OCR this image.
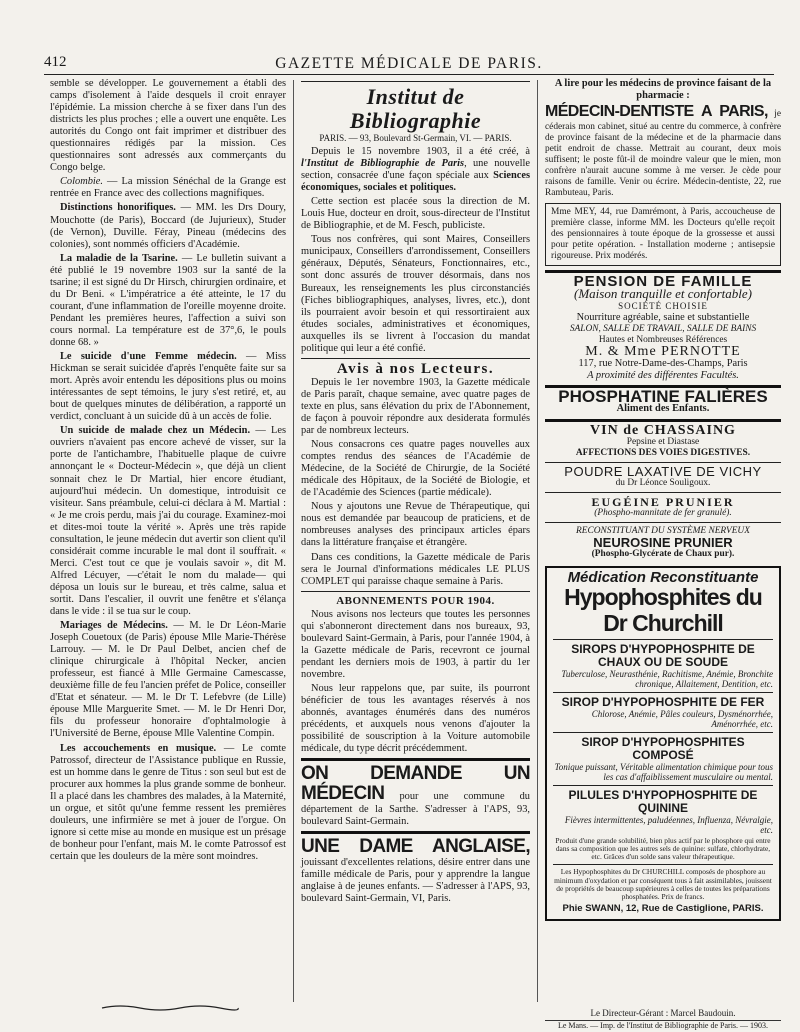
412	GAZETTE MÉDICALE DE PARIS.

semble se développer. Le gouvernement a établi des camps d'isolement à l'aide desquels il croit enrayer l'épidémie. La mission cherche à se fixer dans l'un des districts les plus proches ; elle a ouvert une enquête. Les autorités du Congo ont fait imprimer et distribuer des questionnaires rédigés par la mission. Ces questionnaires sont adressés aux commerçants du Congo belge.

Colombie. — La mission Sénéchal de la Grange est rentrée en France avec des collections magnifiques.

Distinctions honorifiques. — MM. les Drs Doury, Mouchotte (de Paris), Boccard (de Jujurieux), Studer (de Vernon), Duville. Féray, Pineau (médecins des colonies), sont nommés officiers d'Académie.

La maladie de la Tsarine. — Le bulletin suivant a été publié le 19 novembre 1903 sur la santé de la tsarine; il est signé du Dr Hirsch, chirurgien ordinaire, et du Dr Beni. « L'impératrice a été atteinte, le 17 du courant, d'une inflammation de l'oreille moyenne droite. Pendant les premières heures, l'affection a suivi son cours normal. La température est de 37°,6, le pouls donne 68. »

Le suicide d'une Femme médecin. — Miss Hickman se serait suicidée d'après l'enquête faite sur sa mort. Après avoir entendu les dépositions plus ou moins intéressantes de sept témoins, le jury s'est retiré, et, au bout de quelques minutes de délibération, a rapporté un verdict, concluant à un suicide dû à un accès de folie.

Un suicide de malade chez un Médecin. — Les ouvriers n'avaient pas encore achevé de visser, sur la porte de l'antichambre, l'habituelle plaque de cuivre annonçant le « Docteur-Médecin », que déjà un client sonnait chez le Dr Martial, hier encore étudiant, aujourd'hui médecin. Un domestique, introduisit ce visiteur. Sans préambule, celui-ci déclara à M. Martial : « Je me crois perdu, mais j'ai du courage. Examinez-moi et dites-moi toute la vérité ». Après une très rapide consultation, le jeune médecin dut avertir son client qu'il considérait comme incurable le mal dont il souffrait. « Merci. C'est tout ce que je voulais savoir », dit M. Alfred Lécuyer, —c'était le nom du malade— qui déposa un louis sur le bureau, et très calme, salua et sortit. Dans l'escalier, il ouvrit une fenêtre et s'élança dans le vide : il se tua sur le coup.

Mariages de Médecins. — M. le Dr Léon-Marie Joseph Couetoux (de Paris) épouse Mlle Marie-Thérèse Larrouy. — M. le Dr Paul Delbet, ancien chef de clinique chirurgicale à l'hôpital Necker, ancien professeur, est fiancé à Mlle Germaine Camescasse, deuxième fille de feu l'ancien préfet de Police, conseiller d'Etat et sénateur. — M. le Dr T. Lefebvre (de Lille) épouse Mlle Marguerite Smet. — M. le Dr Henri Dor, fils du professeur honoraire d'ophtalmologie à l'Université de Berne, épouse Mlle Valentine Compin.

Les accouchements en musique. — Le comte Patrossof, directeur de l'Assistance publique en Russie, est un homme dans le genre de Titus : son seul but est de procurer aux hommes la plus grande somme de bonheur. Il a placé dans les chambres des malades, à la Maternité, un orgue, et sitôt qu'une femme ressent les premières douleurs, une infirmière se met à jouer de l'orgue. On ignore si cette mise au monde en musique est un présage de bonheur pour l'enfant, mais M. le comte Patrossof est certain que les douleurs de la mère sont moindres.

Institut de Bibliographie
PARIS. — 93, Boulevard St-Germain, VI. — PARIS.

Depuis le 15 novembre 1903, il a été créé, à l'Institut de Bibliographie de Paris, une nouvelle section, consacrée d'une façon spéciale aux Sciences économiques, sociales et politiques.

Cette section est placée sous la direction de M. Louis Hue, docteur en droit, sous-directeur de l'Institut de Bibliographie, et de M. Fesch, publiciste.

Tous nos confrères, qui sont Maires, Conseillers municipaux, Conseillers d'arrondissement, Conseillers généraux, Députés, Sénateurs, Fonctionnaires, etc., sont donc assurés de trouver désormais, dans nos Bureaux, les renseignements les plus circonstanciés (Fiches bibliographiques, analyses, livres, etc.), dont ils pourraient avoir besoin et qui ressortiraient aux études sociales, administratives et économiques, auxquelles ils se livrent à l'occasion du mandat politique qui leur a été confié.

Avis à nos Lecteurs.

Depuis le 1er novembre 1903, la Gazette médicale de Paris paraît, chaque semaine, avec quatre pages de texte en plus, sans élévation du prix de l'Abonnement, de façon à pouvoir répondre aux desiderata formulés par de nombreux lecteurs.

Nous consacrons ces quatre pages nouvelles aux comptes rendus des séances de l'Académie de Médecine, de la Société de Chirurgie, de la Société médicale des Hôpitaux, de la Société de Biologie, et de l'Académie des Sciences (partie médicale).

Nous y ajoutons une Revue de Thérapeutique, qui nous est demandée par beaucoup de praticiens, et de nombreuses analyses des principaux articles épars dans la littérature française et étrangère.

Dans ces conditions, la Gazette médicale de Paris sera le Journal d'informations médicales LE PLUS COMPLET qui paraisse chaque semaine à Paris.

ABONNEMENTS POUR 1904.

Nous avisons nos lecteurs que toutes les personnes qui s'abonneront directement dans nos bureaux, 93, boulevard Saint-Germain, à Paris, pour l'année 1904, à la Gazette médicale de Paris, recevront ce journal pendant les derniers mois de 1903, à partir du 1er novembre.

Nous leur rappelons que, par suite, ils pourront bénéficier de tous les avantages réservés à nos abonnés, avantages énumérés dans des numéros précédents, et auxquels nous venons d'ajouter la possibilité de souscription à la Voiture automobile médicale, du type décrit précédemment.

ON DEMANDE UN MÉDECIN pour une commune du département de la Sarthe. S'adresser à l'APS, 93, boulevard Saint-Germain.

UNE DAME ANGLAISE, jouissant d'excellentes relations, désire entrer dans une famille médicale de Paris, pour y apprendre la langue anglaise à de jeunes enfants. — S'adresser à l'APS, 93, boulevard Saint-Germain, VI, Paris.

A lire pour les médecins de province faisant de la pharmacie :

MÉDECIN-DENTISTE A PARIS, je céderais mon cabinet, situé au centre du commerce, à confrère de province faisant de la médecine et de la pharmacie dans petit endroit de chasse. Mettrait au courant, deux mois suffisent; le poste fût-il de moindre valeur que le mien, mon confrère n'aurait aucune somme à me verser. Je cède pour raisons de famille. Venir ou écrire. Médecin-dentiste, 22, rue Rambuteau, Paris.

Mme MEY, 44, rue Damrémont, à Paris, accoucheuse de première classe, informe MM. les Docteurs qu'elle reçoit des pensionnaires à toute époque de la grossesse et aussi pour petite opération. - Installation moderne ; antisepsie rigoureuse. Prix modérés.
PENSION DE FAMILLE
(Maison tranquille et confortable)
SOCIÉTÉ CHOISIE
Nourriture agréable, saine et substantielle
SALON, SALLE DE TRAVAIL, SALLE DE BAINS
Hautes et Nombreuses Références
M. & Mme PERNOTTE
117, rue Notre-Dame-des-Champs, Paris
A proximité des différentes Facultés.
PHOSPHATINE FALIÈRES
Aliment des Enfants.
VIN de CHASSAING
Pepsine et Diastase
AFFECTIONS DES VOIES DIGESTIVES.
POUDRE LAXATIVE DE VICHY
du Dr Léonce Souligoux.
EUGÉINE PRUNIER
(Phospho-mannitate de fer granulé).
RECONSTITUANT DU SYSTÈME NERVEUX
NEUROSINE PRUNIER
(Phospho-Glycérate de Chaux pur).
Médication Reconstituante
Hypophosphites du Dr Churchill
SIROPS D'HYPOPHOSPHITE DE CHAUX OU DE SOUDE
Tuberculose, Neurasthénie, Rachitisme, Anémie, Bronchite chronique, Allaitement, Dentition, etc.
SIROP D'HYPOPHOSPHITE DE FER
Chlorose, Anémie, Pâles couleurs, Dysménorrhée, Aménorrhée, etc.
SIROP D'HYPOPHOSPHITES COMPOSÉ
Tonique puissant, Véritable alimentation chimique pour tous les cas d'affaiblissement musculaire ou mental.
PILULES D'HYPOPHOSPHITE DE QUININE
Fièvres intermittentes, paludéennes, Influenza, Névralgie, etc.
Produit d'une grande solubilité, bien plus actif par le phosphore qui entre dans sa composition que les autres sels de quinine: sulfate, chlorhydrate, etc. Grâces d'un solde sans valeur thérapeutique.
Les Hypophosphites du Dr CHURCHILL composés de phosphore au minimum d'oxydation et par conséquent tous à fait assimilables, jouissent de propriétés de beaucoup supérieures à celles de toutes les préparations phosphatées. Prix de francs.
Phie SWANN, 12, Rue de Castiglione, PARIS.
Le Directeur-Gérant : Marcel Baudouin.
Le Mans. — Imp. de l'Institut de Bibliographie de Paris. — 1903.
